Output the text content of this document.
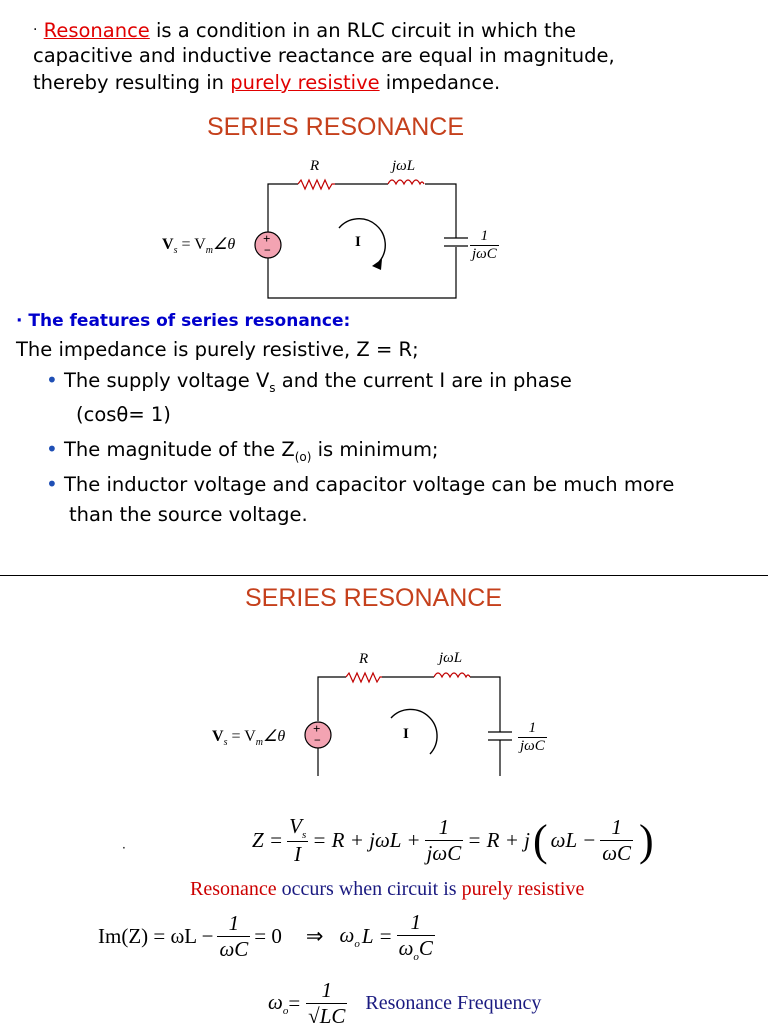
· Resonance is a condition in an RLC circuit in which the
capacitive and inductive reactance are equal in magnitude,
thereby resulting in purely resistive impedance.
SERIES RESONANCE
R	jωL
1
jωC
$V_s$ = $V_m\angle\theta$ +
−	I
· The features of series resonance:
The impedance is purely resistive, Z = R;
• The supply voltage $V_s$ and the current I are in phase
(cosθ= 1)
• The magnitude of the $Z_{(o)}$ is minimum;
• The inductor voltage and capacitor voltage can be much more
than the source voltage.
SERIES RESONANCE
R	jωL
1
jωC
$V_s$ = $V_m\angle\theta$ +
−	I
·	$Z = \frac{V_s}{I} = R + j\omega L + \frac{1}{\text{jωC}} = R + j$ ( $\omega L - \frac{1}{\omega C}$ )
Resonance occurs when circuit is purely resistive
$Im(Z) = \omega L - \frac{1}{\omega C} = 0$ ⇒ $\omega_o$ $L = \frac{1}{\omega_oC}$
$\omega_o = \frac{1}{√LC}$ Resonance Frequency
